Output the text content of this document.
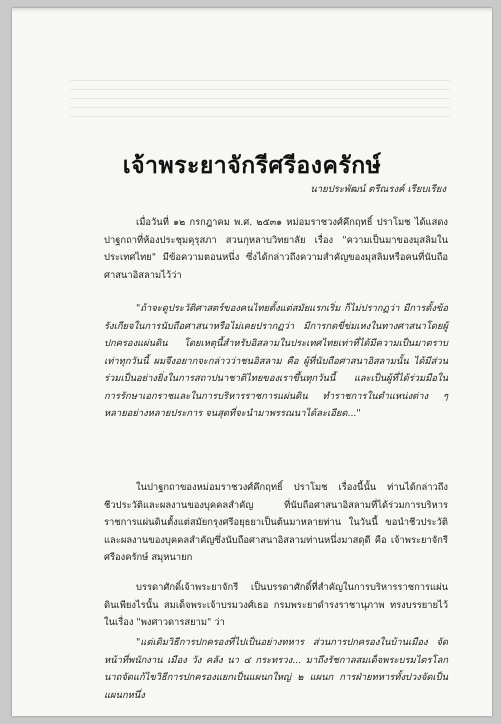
เจ้าพระยาจักรีศรีองครักษ์
นายประพัฒน์ ตรีณรงค์ เรียบเรียง

เมื่อวันที่ ๑๒ กรกฎาคม พ.ศ. ๒๕๓๑ หม่อมราชวงศ์คึกฤทธิ์ ปราโมช ได้แสดงปาฐกถาที่ห้องประชุมคุรุสภา สวนกุหลาบวิทยาลัย เรื่อง "ความเป็นมาของมุสลิมในประเทศไทย" มีข้อความตอนหนึ่ง ซึ่งได้กล่าวถึงความสำคัญของมุสลิมหรือคนที่นับถือศาสนาอิสลามไว้ว่า

"ถ้าจะดูประวัติศาสตร์ของคนไทยตั้งแต่สมัยแรกเริ่ม ก็ไม่ปรากฏว่า มีการตั้งข้อรังเกียจในการนับถือศาสนาหรือไม่เคยปรากฏว่า มีการกดขี่ข่มเหงในทางศาสนาโดยผู้ปกครองแผ่นดิน โดยเหตุนี้สำหรับอิสลามในประเทศไทยเท่าที่ได้มีความเป็นมาตราบเท่าทุกวันนี้ ผมจึงอยากจะกล่าวว่าชนอิสลาม คือ ผู้ที่นับถือศาสนาอิสลามนั้น ได้มีส่วนร่วมเป็นอย่างยิ่งในการสถาปนาชาติไทยของเราขึ้นทุกวันนี้ และเป็นผู้ที่ได้ร่วมมือในการรักษาเอกราชและในการบริหารราชการแผ่นดิน ทำราชการในตำแหน่งต่าง ๆ หลายอย่างหลายประการ จนสุดที่จะนำมาพรรณนาได้ละเอียด..."

ในปาฐกถาของหม่อมราชวงศ์คึกฤทธิ์ ปราโมช เรื่องนี้นั้น ท่านได้กล่าวถึงชีวประวัติและผลงานของบุคคลสำคัญ ที่นับถือศาสนาอิสลามที่ได้ร่วมการบริหารราชการแผ่นดินตั้งแต่สมัยกรุงศรีอยุธยาเป็นต้นมาหลายท่าน ในวันนี้ ขอนำชีวประวัติและผลงานของบุคคลสำคัญซึ่งนับถือศาสนาอิสลามท่านหนึ่งมาสดุดี คือ เจ้าพระยาจักรีศรีองครักษ์ สมุหนายก

บรรดาศักดิ์เจ้าพระยาจักรี เป็นบรรดาศักดิ์ที่สำคัญในการบริหารราชการแผ่นดินเพียงไรนั้น สมเด็จพระเจ้าบรมวงศ์เธอ กรมพระยาดำรงราชานุภาพ ทรงบรรยายไว้ในเรื่อง "พงศาวดารสยาม" ว่า

"แต่เดิมวิธีการปกครองที่ไปเป็นอย่างทหาร ส่วนการปกครองในบ้านเมือง จัดหน้าที่พนักงาน เมือง วัง คลัง นา ๔ กระทรวง... มาถึงรัชกาลสมเด็จพระบรมไตรโลกนาถจัดแก้ไขวิธีการปกครองแยกเป็นแผนกใหญ่ ๒ แผนก การฝ่ายทหารทั้งปวงจัดเป็นแผนกหนึ่ง
